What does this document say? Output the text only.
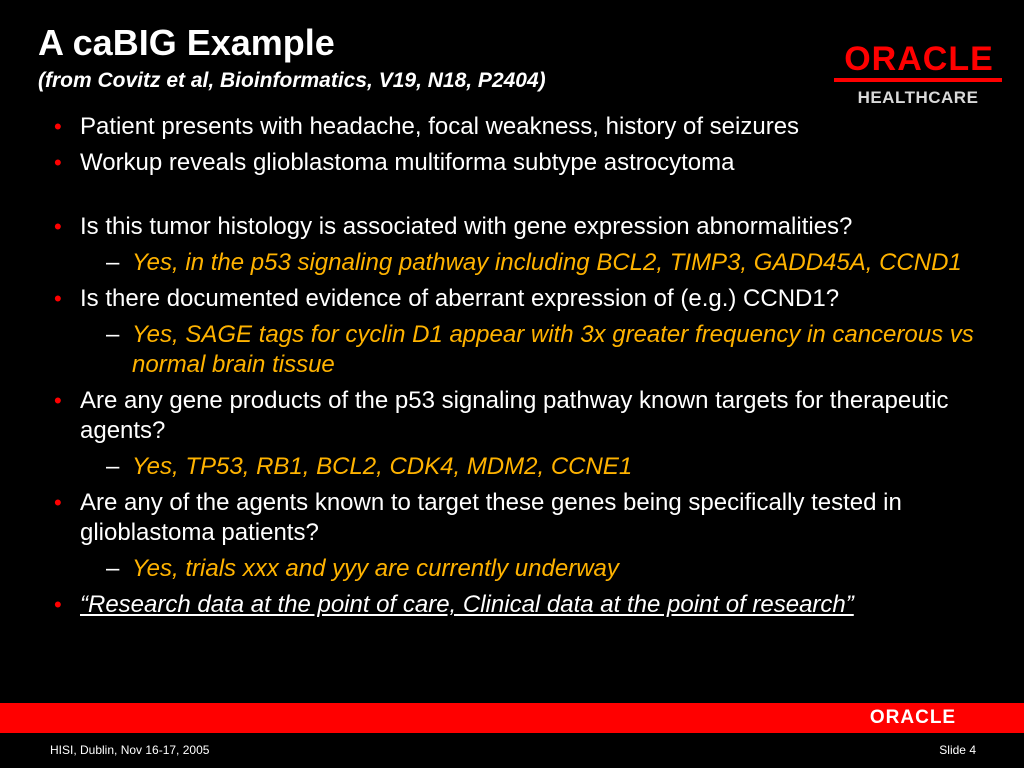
A caBIG Example
(from Covitz et al, Bioinformatics, V19, N18, P2404)
ORACLE
HEALTHCARE
• Patient presents with headache, focal weakness, history of seizures
• Workup reveals glioblastoma multiforma subtype astrocytoma
• Is this tumor histology is associated with gene expression abnormalities?
– Yes, in the p53 signaling pathway including BCL2, TIMP3, GADD45A, CCND1
• Is there documented evidence of aberrant expression of (e.g.) CCND1?
– Yes, SAGE tags for cyclin D1 appear with 3x greater frequency in cancerous vs normal brain tissue
• Are any gene products of the p53 signaling pathway known targets for therapeutic agents?
– Yes, TP53, RB1, BCL2, CDK4, MDM2, CCNE1
• Are any of the agents known to target these genes being specifically tested in glioblastoma patients?
– Yes, trials xxx and yyy are currently underway
• “Research data at the point of care, Clinical data at the point of research”
ORACLE
HISI, Dublin, Nov 16-17, 2005	Slide 4
